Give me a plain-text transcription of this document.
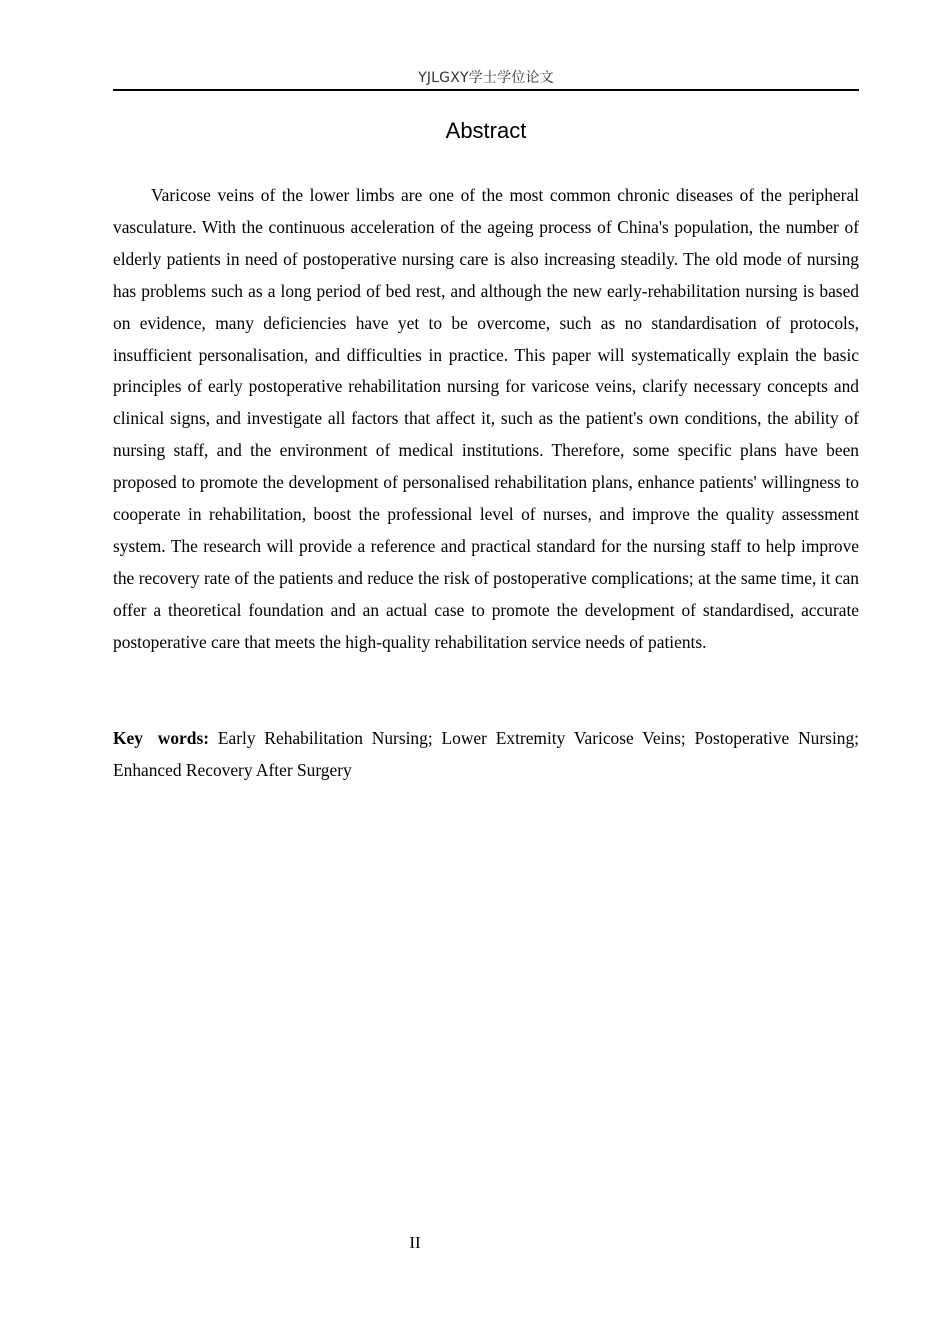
YJLGXY学士学位论文
Abstract

Varicose veins of the lower limbs are one of the most common chronic diseases of the peripheral vasculature. With the continuous acceleration of the ageing process of China's population, the number of elderly patients in need of postoperative nursing care is also increasing steadily. The old mode of nursing has problems such as a long period of bed rest, and although the new early-rehabilitation nursing is based on evidence, many deficiencies have yet to be overcome, such as no standardisation of protocols, insufficient personalisation, and difficulties in practice. This paper will systematically explain the basic principles of early postoperative rehabilitation nursing for varicose veins, clarify necessary concepts and clinical signs, and investigate all factors that affect it, such as the patient's own conditions, the ability of nursing staff, and the environment of medical institutions. Therefore, some specific plans have been proposed to promote the development of personalised rehabilitation plans, enhance patients' willingness to cooperate in rehabilitation, boost the professional level of nurses, and improve the quality assessment system. The research will provide a reference and practical standard for the nursing staff to help improve the recovery rate of the patients and reduce the risk of postoperative complications; at the same time, it can offer a theoretical foundation and an actual case to promote the development of standardised, accurate postoperative care that meets the high-quality rehabilitation service needs of patients.

Key words: Early Rehabilitation Nursing; Lower Extremity Varicose Veins; Postoperative Nursing; Enhanced Recovery After Surgery

II
